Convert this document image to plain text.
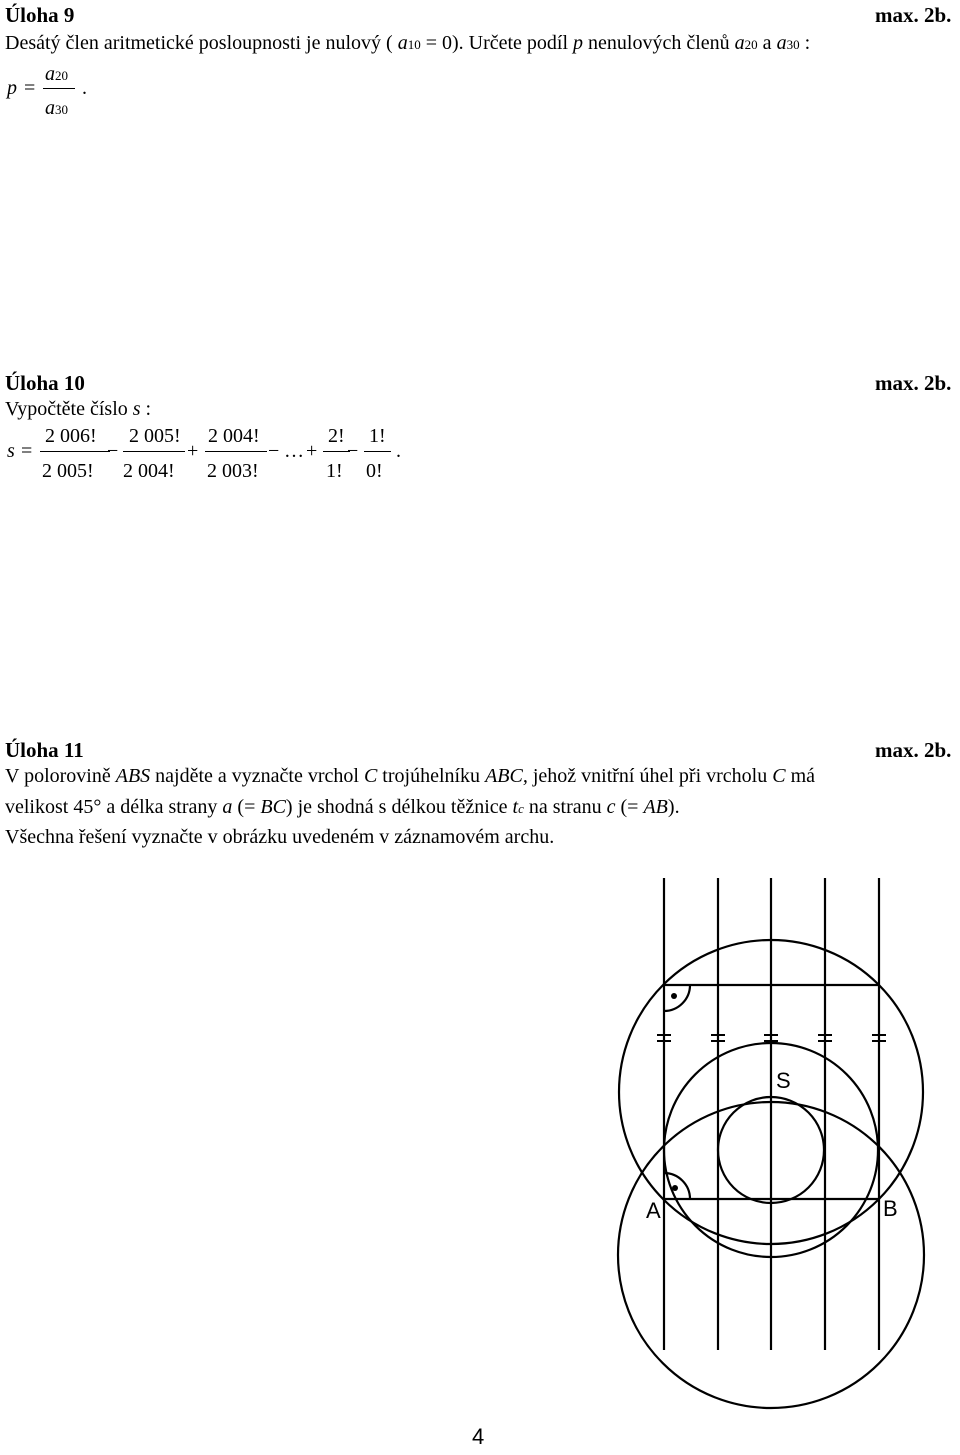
Úloha 9	max. 2b.
Desátý člen aritmetické posloupnosti je nulový ( a10 = 0). Určete podíl p nenulových členů a20 a a30 :
p =
a20
a30
.
Úloha 10	max. 2b.
Vypočtěte číslo s :
s =
2 006!
2 005!
−
2 005!
2 004!
+
2 004!
2 003!
− … +
2!
1!
−
1!
0!
.
Úloha 11	max. 2b.
V polorovině ABS najděte a vyznačte vrchol C trojúhelníku ABC, jehož vnitřní úhel při vrcholu C má
velikost 45° a délka strany a (= BC) je shodná s délkou těžnice tc na stranu c (= AB).
Všechna řešení vyznačte v obrázku uvedeném v záznamovém archu.
S
A	B
4
